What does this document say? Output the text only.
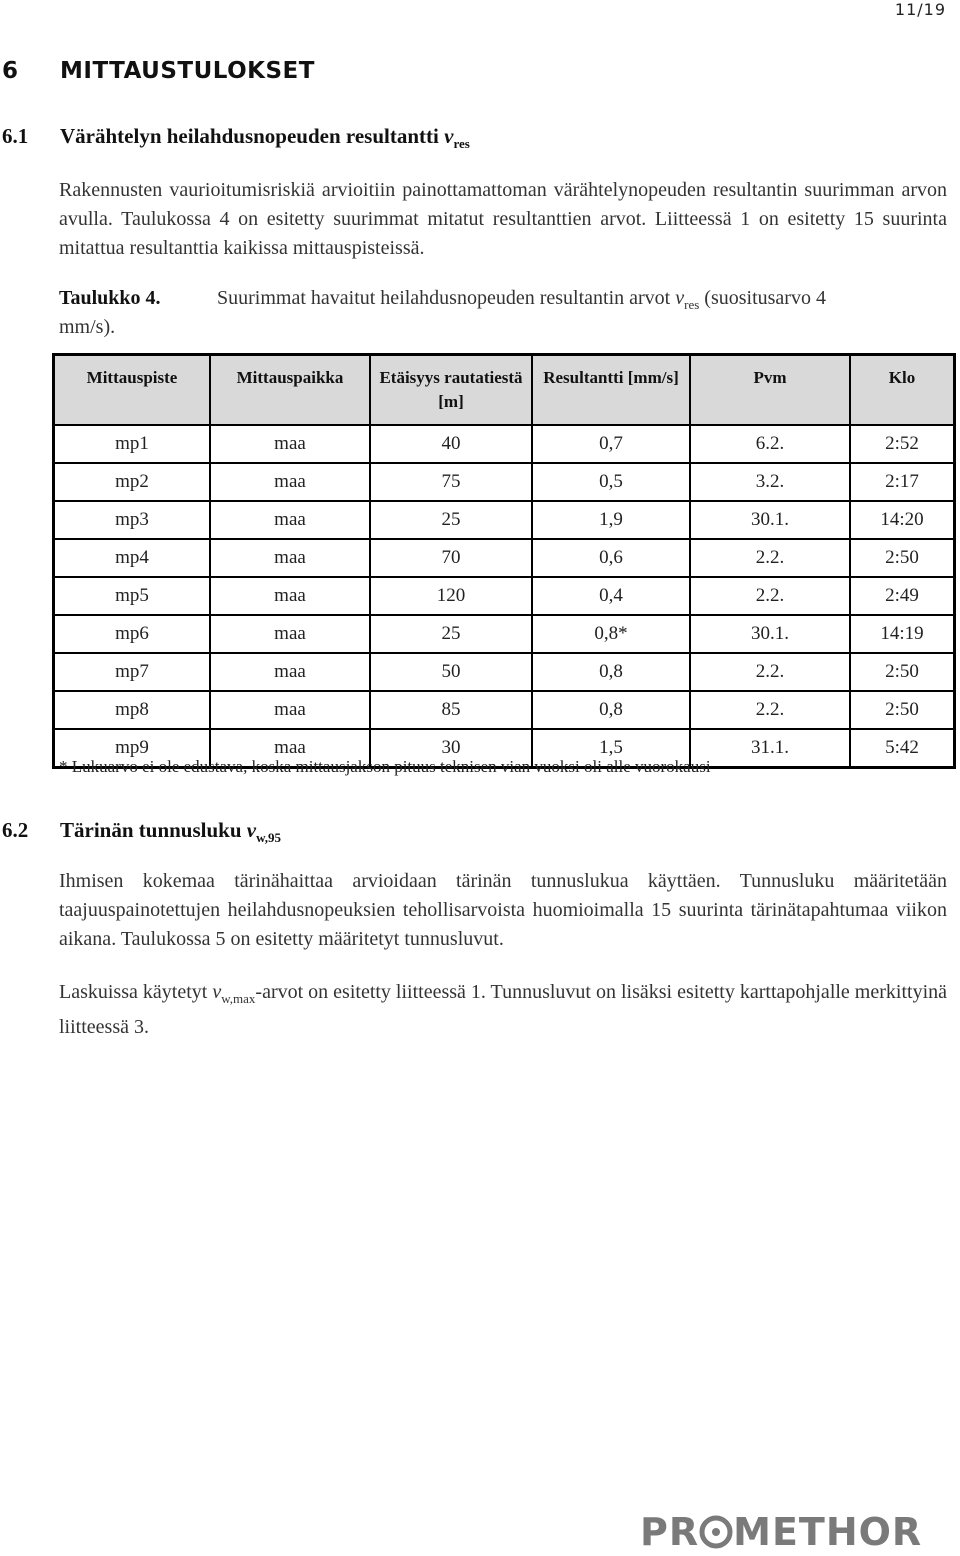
11/19
6 MITTAUSTULOKSET
6.1 Värähtelyn heilahdusnopeuden resultantti $v_{res}$
Rakennusten vaurioitumisriskiä arvioitiin painottamattoman värähtelynopeuden resultantin suurimman arvon avulla. Taulukossa 4 on esitetty suurimmat mitatut resultanttien arvot. Liitteessä 1 on esitetty 15 suurinta mitattua resultanttia kaikissa mittauspisteissä.
Taulukko 4.	Suurimmat havaitut heilahdusnopeuden resultantin arvot $v_{res}$ (suositusarvo 4
mm/s).
Mittauspiste	Mittauspaikka	Etäisyys rautatiestä [m]	Resultantti [mm/s]	Pvm	Klo
mp1	maa	40	0,7	6.2.	2:52
mp2	maa	75	0,5	3.2.	2:17
mp3	maa	25	1,9	30.1.	14:20
mp4	maa	70	0,6	2.2.	2:50
mp5	maa	120	0,4	2.2.	2:49
mp6	maa	25	0,8*	30.1.	14:19
mp7	maa	50	0,8	2.2.	2:50
mp8	maa	85	0,8	2.2.	2:50
mp9	maa	30	1,5	31.1.	5:42
* Lukuarvo ei ole edustava, koska mittausjakson pituus teknisen vian vuoksi oli alle vuorokausi
6.2 Tärinän tunnusluku $v_{w,95}$
Ihmisen kokemaa tärinähaittaa arvioidaan tärinän tunnuslukua käyttäen. Tunnusluku määritetään taajuuspainotettujen heilahdusnopeuksien tehollisarvoista huomioimalla 15 suurinta tärinätapahtumaa viikon aikana. Taulukossa 5 on esitetty määritetyt tunnusluvut.
Laskuissa käytetyt $v_{w,max}$-arvot on esitetty liitteessä 1. Tunnusluvut on lisäksi esitetty karttapohjalle merkittyinä liitteessä 3.
PR METHOR
